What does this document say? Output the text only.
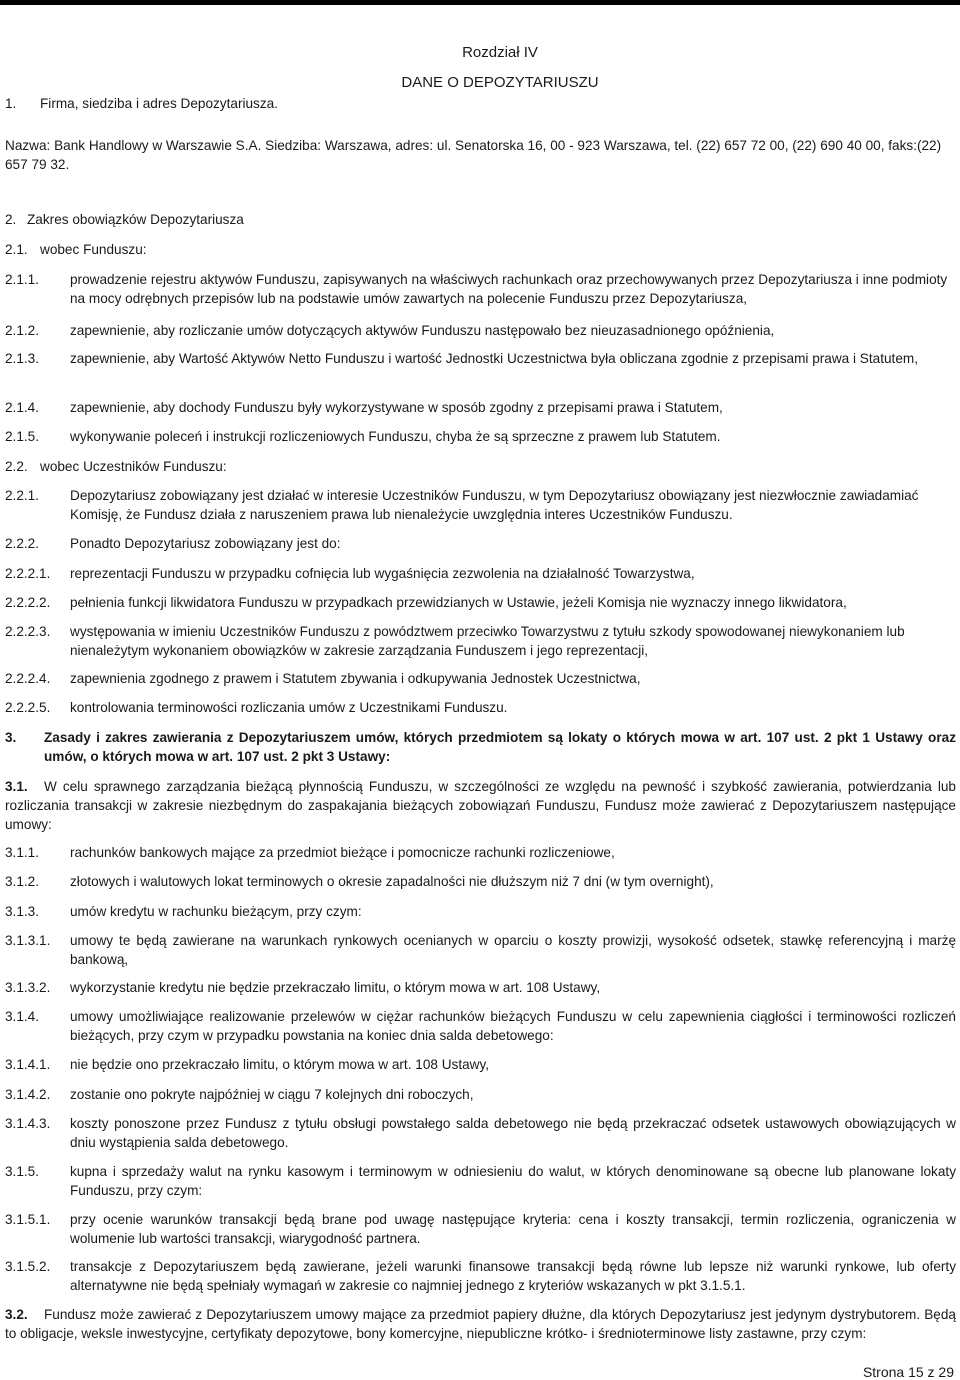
Rozdział IV
DANE O DEPOZYTARIUSZU
1. Firma, siedziba i adres Depozytariusza.
Nazwa: Bank Handlowy w Warszawie S.A. Siedziba: Warszawa, adres: ul. Senatorska 16, 00 - 923 Warszawa, tel. (22) 657 72 00, (22) 690 40 00, faks:(22) 657 79 32.
2. Zakres obowiązków Depozytariusza
2.1. wobec Funduszu:
2.1.1. prowadzenie rejestru aktywów Funduszu, zapisywanych na właściwych rachunkach oraz przechowywanych przez Depozytariusza i inne podmioty na mocy odrębnych przepisów lub na podstawie umów zawartych na polecenie Funduszu przez Depozytariusza,
2.1.2. zapewnienie, aby rozliczanie umów dotyczących aktywów Funduszu następowało bez nieuzasadnionego opóźnienia,
2.1.3. zapewnienie, aby Wartość Aktywów Netto Funduszu i wartość Jednostki Uczestnictwa była obliczana zgodnie z przepisami prawa i Statutem,
2.1.4. zapewnienie, aby dochody Funduszu były wykorzystywane w sposób zgodny z przepisami prawa i Statutem,
2.1.5. wykonywanie poleceń i instrukcji rozliczeniowych Funduszu, chyba że są sprzeczne z prawem lub Statutem.
2.2. wobec Uczestników Funduszu:
2.2.1. Depozytariusz zobowiązany jest działać w interesie Uczestników Funduszu, w tym Depozytariusz obowiązany jest niezwłocznie zawiadamiać Komisję, że Fundusz działa z naruszeniem prawa lub nienależycie uwzględnia interes Uczestników Funduszu.
2.2.2. Ponadto Depozytariusz zobowiązany jest do:
2.2.2.1. reprezentacji Funduszu w przypadku cofnięcia lub wygaśnięcia zezwolenia na działalność Towarzystwa,
2.2.2.2. pełnienia funkcji likwidatora Funduszu w przypadkach przewidzianych w Ustawie, jeżeli Komisja nie wyznaczy innego likwidatora,
2.2.2.3. występowania w imieniu Uczestników Funduszu z powództwem przeciwko Towarzystwu z tytułu szkody spowodowanej niewykonaniem lub nienależytym wykonaniem obowiązków w zakresie zarządzania Funduszem i jego reprezentacji,
2.2.2.4. zapewnienia zgodnego z prawem i Statutem zbywania i odkupywania Jednostek Uczestnictwa,
2.2.2.5. kontrolowania terminowości rozliczania umów z Uczestnikami Funduszu.
3. Zasady i zakres zawierania z Depozytariuszem umów, których przedmiotem są lokaty o których mowa w art. 107 ust. 2 pkt 1 Ustawy oraz umów, o których mowa w art. 107 ust. 2 pkt 3 Ustawy:
3.1.	W celu sprawnego zarządzania bieżącą płynnością Funduszu, w szczególności ze względu na pewność i szybkość zawierania, potwierdzania lub rozliczania transakcji w zakresie niezbędnym do zaspakajania bieżących zobowiązań Funduszu, Fundusz może zawierać z Depozytariuszem następujące umowy:
3.1.1. rachunków bankowych mające za przedmiot bieżące i pomocnicze rachunki rozliczeniowe,
3.1.2. złotowych i walutowych lokat terminowych o okresie zapadalności nie dłuższym niż 7 dni (w tym overnight),
3.1.3. umów kredytu w rachunku bieżącym, przy czym:
3.1.3.1. umowy te będą zawierane na warunkach rynkowych ocenianych w oparciu o koszty prowizji, wysokość odsetek, stawkę referencyjną i marżę bankową,
3.1.3.2. wykorzystanie kredytu nie będzie przekraczało limitu, o którym mowa w art. 108 Ustawy,
3.1.4. umowy umożliwiające realizowanie przelewów w ciężar rachunków bieżących Funduszu w celu zapewnienia ciągłości i terminowości rozliczeń bieżących, przy czym w przypadku powstania na koniec dnia salda debetowego:
3.1.4.1. nie będzie ono przekraczało limitu, o którym mowa w art. 108 Ustawy,
3.1.4.2. zostanie ono pokryte najpóźniej w ciągu 7 kolejnych dni roboczych,
3.1.4.3. koszty ponoszone przez Fundusz z tytułu obsługi powstałego salda debetowego nie będą przekraczać odsetek ustawowych obowiązujących w dniu wystąpienia salda debetowego.
3.1.5. kupna i sprzedaży walut na rynku kasowym i terminowym w odniesieniu do walut, w których denominowane są obecne lub planowane lokaty Funduszu, przy czym:
3.1.5.1. przy ocenie warunków transakcji będą brane pod uwagę następujące kryteria: cena i koszty transakcji, termin rozliczenia, ograniczenia w wolumenie lub wartości transakcji, wiarygodność partnera.
3.1.5.2. transakcje z Depozytariuszem będą zawierane, jeżeli warunki finansowe transakcji będą równe lub lepsze niż warunki rynkowe, lub oferty alternatywne nie będą spełniały wymagań w zakresie co najmniej jednego z kryteriów wskazanych w pkt 3.1.5.1.
3.2.	Fundusz może zawierać z Depozytariuszem umowy mające za przedmiot papiery dłużne, dla których Depozytariusz jest jedynym dystrybutorem. Będą to obligacje, weksle inwestycyjne, certyfikaty depozytowe, bony komercyjne, niepubliczne krótko- i średnioterminowe listy zastawne, przy czym:
Strona 15 z 29
